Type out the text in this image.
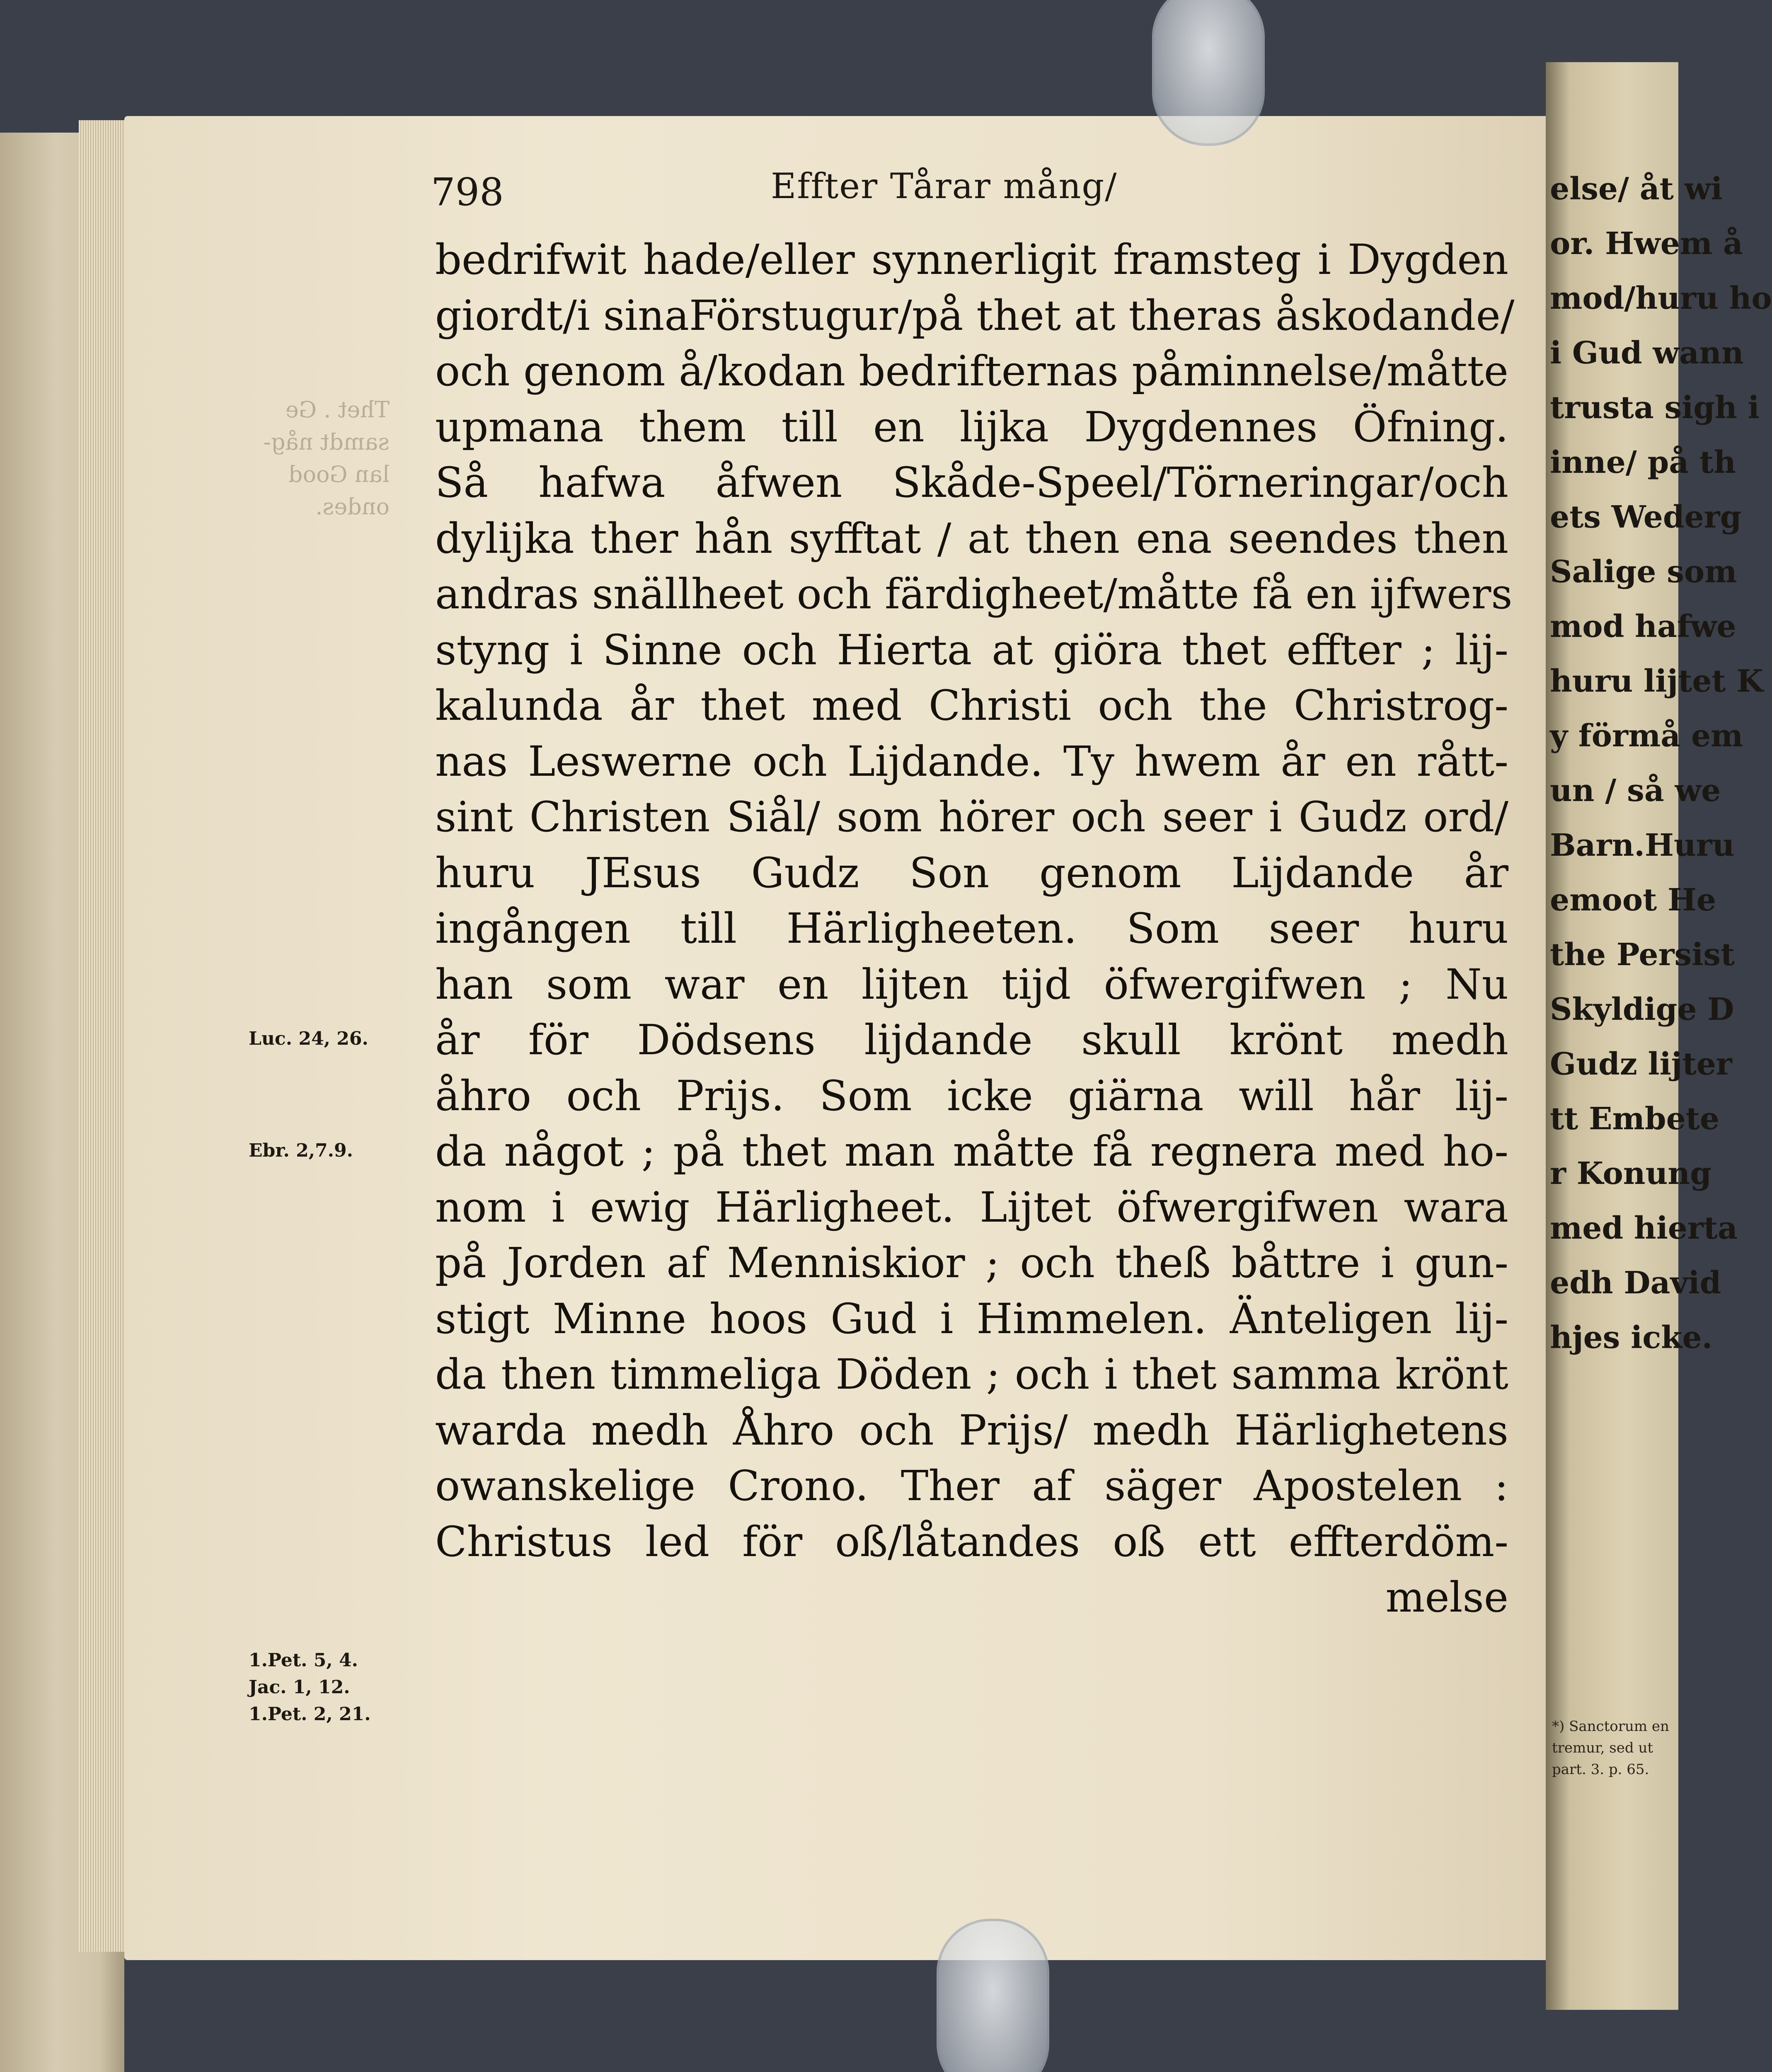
Thet . Ge
samdt någ-
lan Good
ondes.
else/ åt wi
or. Hwem å
mod/huru ho
i Gud wann
trusta sigh i
inne/ på th
ets Wederg
Salige som
mod hafwe
huru lijtet K
y förmå em
un / så we
Barn.Huru
emoot He
the Persist
Skyldige D
Gudz lijter
tt Embete
r Konung
med hierta
edh David
hjes icke.
*) Sanctorum en
tremur, sed ut
part. 3. p. 65.
798	Effter Tårar mång/
bedrifwit hade/eller synnerligit framsteg i Dygden
giordt/i sinaFörstugur/på thet at theras åskodande/
och genom å/kodan bedrifternas påminnelse/måtte
upmana them till en lijka Dygdennes Öfning.
Så hafwa åfwen Skåde-Speel/Törneringar/och
dylijka ther hån syfftat / at then ena seendes then
andras snällheet och färdigheet/måtte få en ijfwers
styng i Sinne och Hierta at giöra thet effter ; lij-
kalunda år thet med Christi och the Christrog-
nas Leswerne och Lijdande. Ty hwem år en rått-
sint Christen Siål/ som hörer och seer i Gudz ord/
huru JEsus Gudz Son genom Lijdande år
ingången till Härligheeten. Som seer huru
han som war en lijten tijd öfwergifwen ; Nu
år för Dödsens lijdande skull krönt medh
åhro och Prijs. Som icke giärna will hår lij-
da något ; på thet man måtte få regnera med ho-
nom i ewig Härligheet. Lijtet öfwergifwen wara
på Jorden af Menniskior ; och theß båttre i gun-
stigt Minne hoos Gud i Himmelen. Änteligen lij-
da then timmeliga Döden ; och i thet samma krönt
warda medh Åhro och Prijs/ medh Härlighetens
owanskelige Crono. Ther af säger Apostelen :
Christus led för oß/låtandes oß ett effterdöm-
melse
Luc. 24, 26.
Ebr. 2,7.9.
1.Pet. 5, 4.
Jac. 1, 12.
1.Pet. 2, 21.
